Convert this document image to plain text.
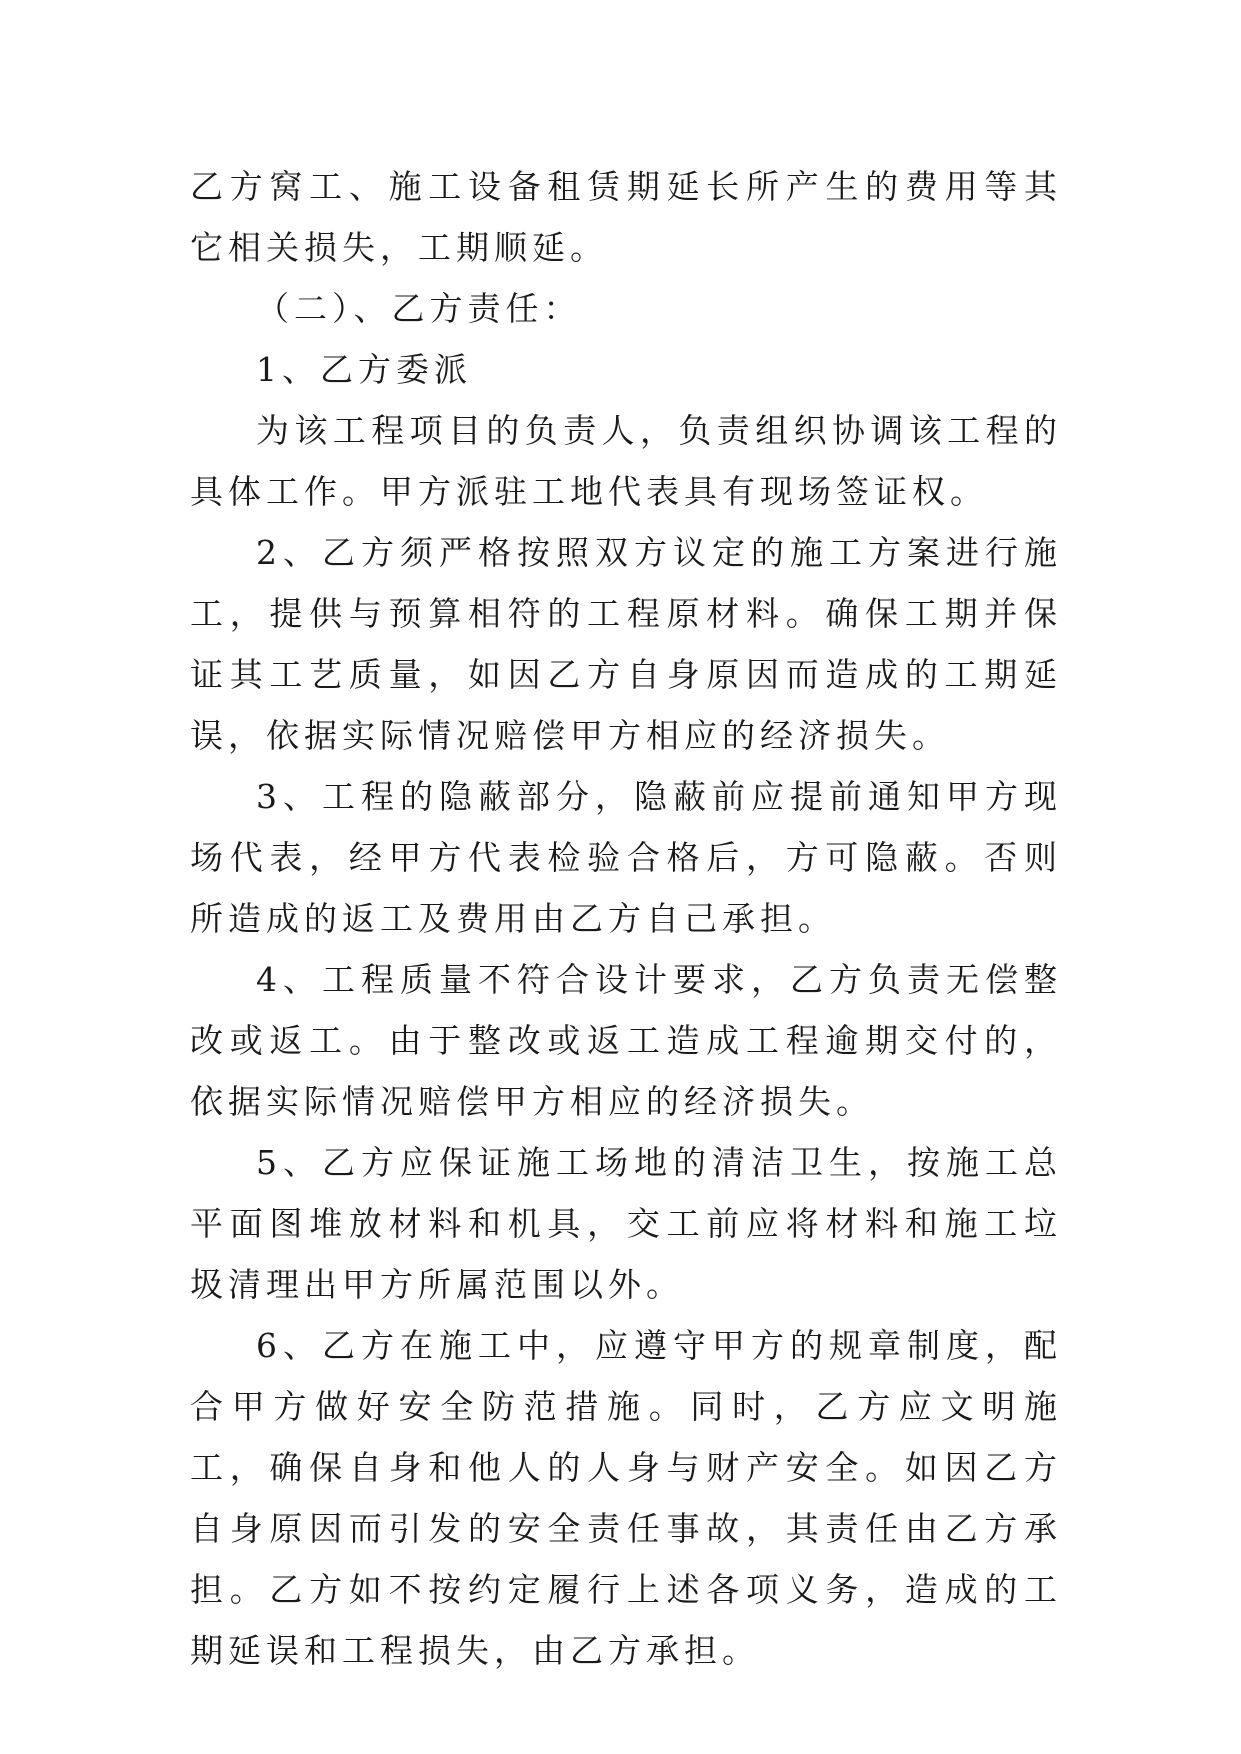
乙方窝工、施工设备租赁期延长所产生的费用等其它相关损失，工期顺延。

（二）、乙方责任：

1、乙方委派

为该工程项目的负责人，负责组织协调该工程的具体工作。甲方派驻工地代表具有现场签证权。

2、乙方须严格按照双方议定的施工方案进行施工，提供与预算相符的工程原材料。确保工期并保证其工艺质量，如因乙方自身原因而造成的工期延误，依据实际情况赔偿甲方相应的经济损失。

3、工程的隐蔽部分，隐蔽前应提前通知甲方现场代表，经甲方代表检验合格后，方可隐蔽。否则所造成的返工及费用由乙方自己承担。

4、工程质量不符合设计要求，乙方负责无偿整改或返工。由于整改或返工造成工程逾期交付的，依据实际情况赔偿甲方相应的经济损失。

5、乙方应保证施工场地的清洁卫生，按施工总平面图堆放材料和机具，交工前应将材料和施工垃圾清理出甲方所属范围以外。

6、乙方在施工中，应遵守甲方的规章制度，配合甲方做好安全防范措施。同时，乙方应文明施工，确保自身和他人的人身与财产安全。如因乙方自身原因而引发的安全责任事故，其责任由乙方承担。乙方如不按约定履行上述各项义务，造成的工期延误和工程损失，由乙方承担。
